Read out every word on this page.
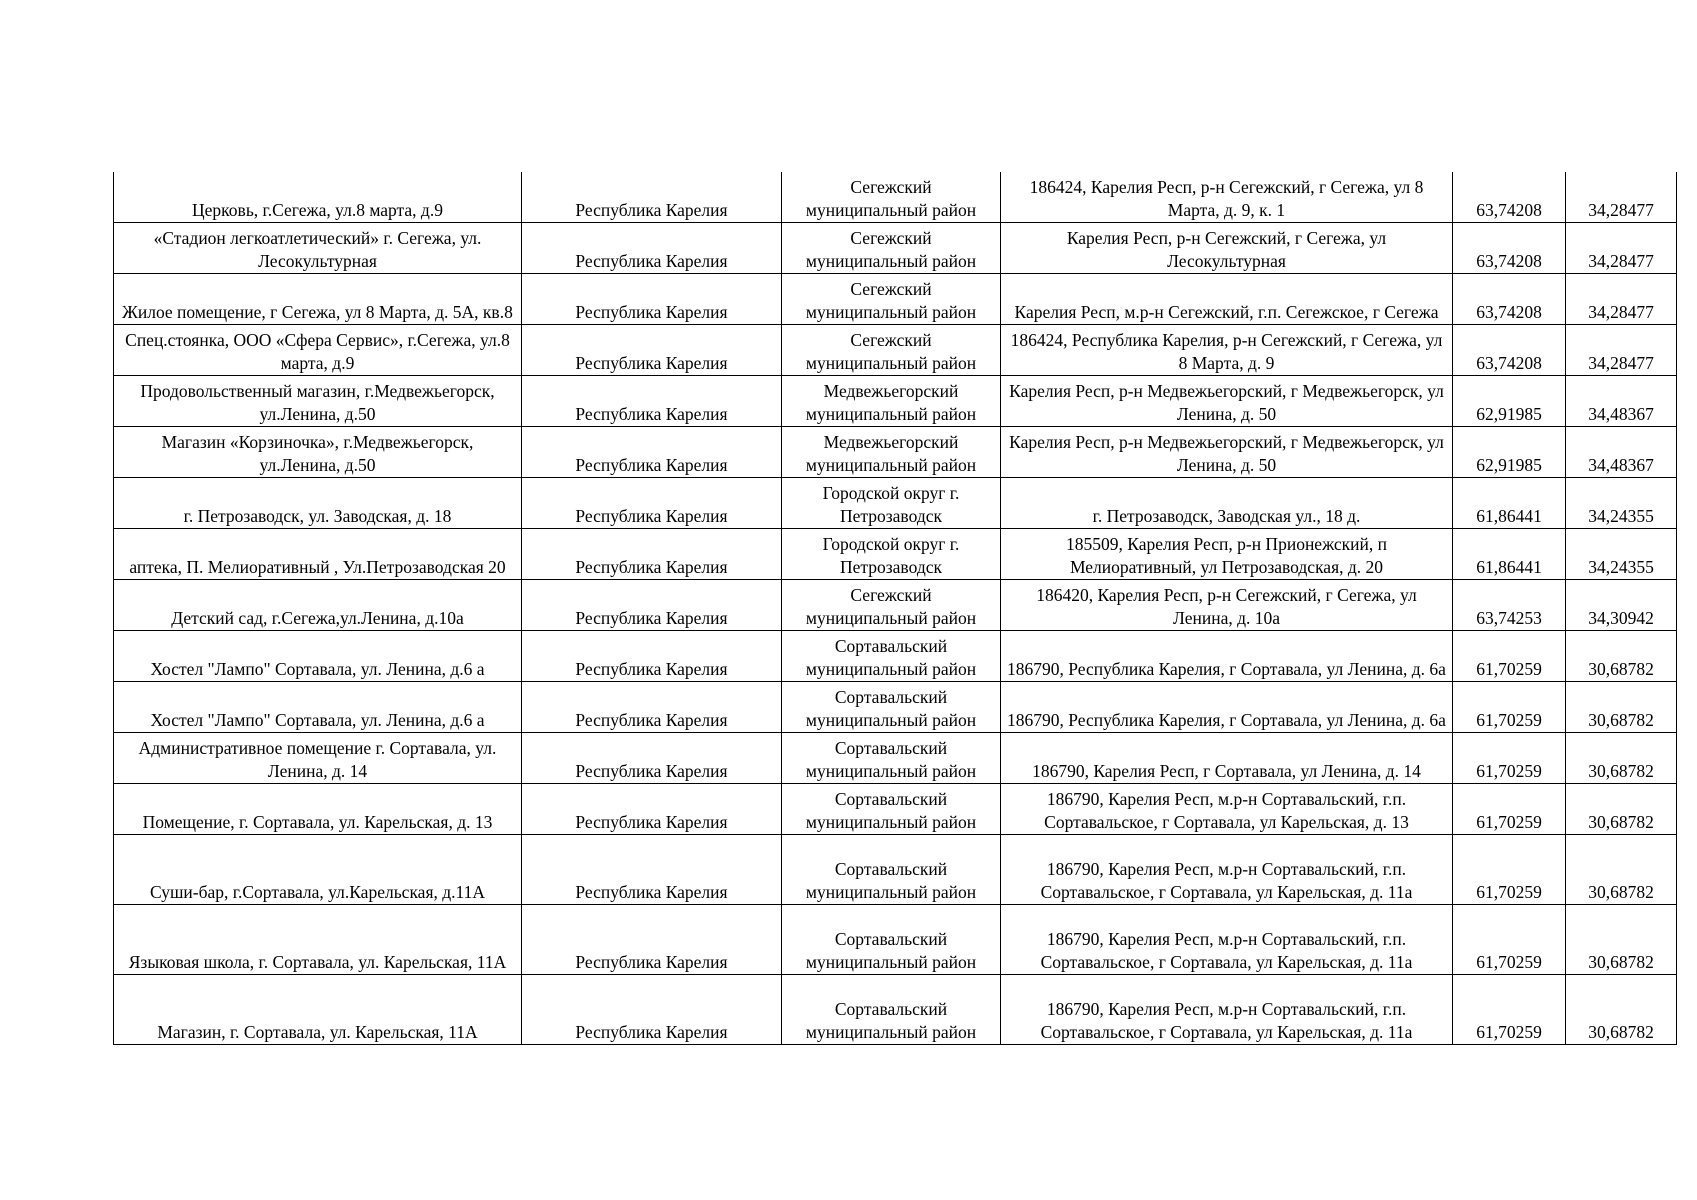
Церковь, г.Сегежа, ул.8 марта, д.9	Республика Карелия	Сегежский муниципальный район	186424, Карелия Респ, р-н Сегежский, г Сегежа, ул 8 Марта, д. 9, к. 1	63,74208	34,28477
«Стадион легкоатлетический» г. Сегежа, ул. Лесокультурная	Республика Карелия	Сегежский муниципальный район	Карелия Респ, р-н Сегежский, г Сегежа, ул Лесокультурная	63,74208	34,28477
Жилое помещение, г Сегежа, ул 8 Марта, д. 5А, кв.8	Республика Карелия	Сегежский муниципальный район	Карелия Респ, м.р-н Сегежский, г.п. Сегежское, г Сегежа	63,74208	34,28477
Спец.стоянка, ООО «Сфера Сервис», г.Сегежа, ул.8 марта, д.9	Республика Карелия	Сегежский муниципальный район	186424, Республика Карелия, р-н Сегежский, г Сегежа, ул 8 Марта, д. 9	63,74208	34,28477
Продовольственный магазин, г.Медвежьегорск, ул.Ленина, д.50	Республика Карелия	Медвежьегорский муниципальный район	Карелия Респ, р-н Медвежьегорский, г Медвежьегорск, ул Ленина, д. 50	62,91985	34,48367
Магазин «Корзиночка», г.Медвежьегорск, ул.Ленина, д.50	Республика Карелия	Медвежьегорский муниципальный район	Карелия Респ, р-н Медвежьегорский, г Медвежьегорск, ул Ленина, д. 50	62,91985	34,48367
г. Петрозаводск, ул. Заводская, д. 18	Республика Карелия	Городской округ г. Петрозаводск	г. Петрозаводск, Заводская ул., 18 д.	61,86441	34,24355
аптека, П. Мелиоративный , Ул.Петрозаводская 20	Республика Карелия	Городской округ г. Петрозаводск	185509, Карелия Респ, р-н Прионежский, п Мелиоративный, ул Петрозаводская, д. 20	61,86441	34,24355
Детский сад, г.Сегежа,ул.Ленина, д.10а	Республика Карелия	Сегежский муниципальный район	186420, Карелия Респ, р-н Сегежский, г Сегежа, ул Ленина, д. 10а	63,74253	34,30942
Хостел "Лампо" Сортавала, ул. Ленина, д.6 а	Республика Карелия	Сортавальский муниципальный район	186790, Республика Карелия, г Сортавала, ул Ленина, д. 6а	61,70259	30,68782
Хостел "Лампо" Сортавала, ул. Ленина, д.6 а	Республика Карелия	Сортавальский муниципальный район	186790, Республика Карелия, г Сортавала, ул Ленина, д. 6а	61,70259	30,68782
Административное помещение г. Сортавала, ул. Ленина, д. 14	Республика Карелия	Сортавальский муниципальный район	186790, Карелия Респ, г Сортавала, ул Ленина, д. 14	61,70259	30,68782
Помещение, г. Сортавала, ул. Карельская, д. 13	Республика Карелия	Сортавальский муниципальный район	186790, Карелия Респ, м.р-н Сортавальский, г.п. Сортавальское, г Сортавала, ул Карельская, д. 13	61,70259	30,68782
Суши-бар, г.Сортавала, ул.Карельская, д.11А	Республика Карелия	Сортавальский муниципальный район	186790, Карелия Респ, м.р-н Сортавальский, г.п. Сортавальское, г Сортавала, ул Карельская, д. 11а	61,70259	30,68782
Языковая школа, г. Сортавала, ул. Карельская, 11А	Республика Карелия	Сортавальский муниципальный район	186790, Карелия Респ, м.р-н Сортавальский, г.п. Сортавальское, г Сортавала, ул Карельская, д. 11а	61,70259	30,68782
Магазин, г. Сортавала, ул. Карельская, 11А	Республика Карелия	Сортавальский муниципальный район	186790, Карелия Респ, м.р-н Сортавальский, г.п. Сортавальское, г Сортавала, ул Карельская, д. 11а	61,70259	30,68782
